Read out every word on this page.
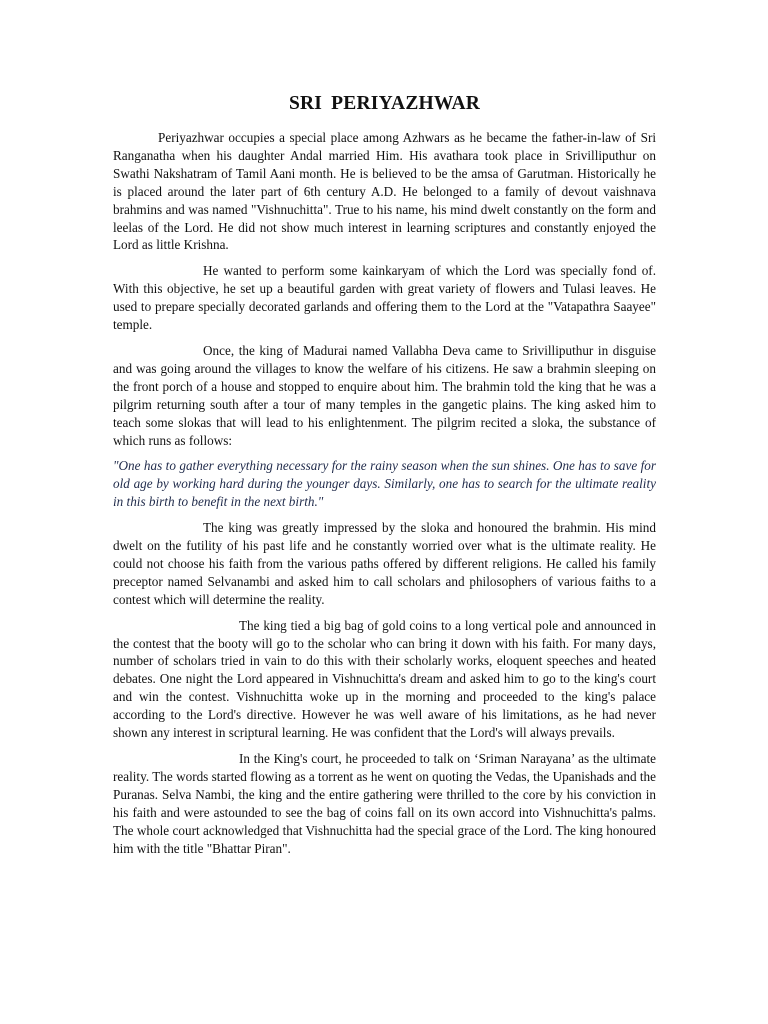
SRI PERIYAZHWAR

Periyazhwar occupies a special place among Azhwars as he became the father-in-law of Sri Ranganatha when his daughter Andal married Him. His avathara took place in Srivilliputhur on Swathi Nakshatram of Tamil Aani month. He is believed to be the amsa of Garutman. Historically he is placed around the later part of 6th century A.D. He belonged to a family of devout vaishnava brahmins and was named "Vishnuchitta". True to his name, his mind dwelt constantly on the form and leelas of the Lord. He did not show much interest in learning scriptures and constantly enjoyed the Lord as little Krishna.

He wanted to perform some kainkaryam of which the Lord was specially fond of. With this objective, he set up a beautiful garden with great variety of flowers and Tulasi leaves. He used to prepare specially decorated garlands and offering them to the Lord at the "Vatapathra Saayee" temple.

Once, the king of Madurai named Vallabha Deva came to Srivilliputhur in disguise and was going around the villages to know the welfare of his citizens. He saw a brahmin sleeping on the front porch of a house and stopped to enquire about him. The brahmin told the king that he was a pilgrim returning south after a tour of many temples in the gangetic plains. The king asked him to teach some slokas that will lead to his enlightenment. The pilgrim recited a sloka, the substance of which runs as follows:

"One has to gather everything necessary for the rainy season when the sun shines. One has to save for old age by working hard during the younger days. Similarly, one has to search for the ultimate reality in this birth to benefit in the next birth."

The king was greatly impressed by the sloka and honoured the brahmin. His mind dwelt on the futility of his past life and he constantly worried over what is the ultimate reality. He could not choose his faith from the various paths offered by different religions. He called his family preceptor named Selvanambi and asked him to call scholars and philosophers of various faiths to a contest which will determine the reality.

The king tied a big bag of gold coins to a long vertical pole and announced in the contest that the booty will go to the scholar who can bring it down with his faith. For many days, number of scholars tried in vain to do this with their scholarly works, eloquent speeches and heated debates. One night the Lord appeared in Vishnuchitta's dream and asked him to go to the king's court and win the contest. Vishnuchitta woke up in the morning and proceeded to the king's palace according to the Lord's directive. However he was well aware of his limitations, as he had never shown any interest in scriptural learning. He was confident that the Lord's will always prevails.

In the King's court, he proceeded to talk on ‘Sriman Narayana’ as the ultimate reality. The words started flowing as a torrent as he went on quoting the Vedas, the Upanishads and the Puranas. Selva Nambi, the king and the entire gathering were thrilled to the core by his conviction in his faith and were astounded to see the bag of coins fall on its own accord into Vishnuchitta's palms. The whole court acknowledged that Vishnuchitta had the special grace of the Lord. The king honoured him with the title "Bhattar Piran".
